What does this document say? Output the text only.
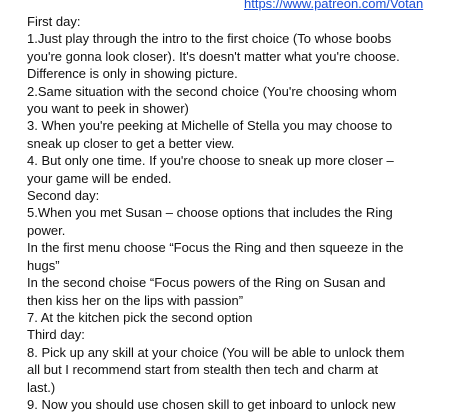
https://www.patreon.com/Votan
First day:
1.Just play through the intro to the first choice (To whose boobs
you're gonna look closer). It's doesn't matter what you're choose.
Difference is only in showing picture.
2.Same situation with the second choice (You're choosing whom
you want to peek in shower)
3. When you're peeking at Michelle of Stella you may choose to
sneak up closer to get a better view.
4. But only one time. If you're choose to sneak up more closer –
your game will be ended.
Second day:
5.When you met Susan – choose options that includes the Ring
power.
In the first menu choose “Focus the Ring and then squeeze in the
hugs”
In the second choise “Focus powers of the Ring on Susan and
then kiss her on the lips with passion”
7. At the kitchen pick the second option
Third day:
8. Pick up any skill at your choice (You will be able to unlock them
all but I recommend start from stealth then tech and charm at
last.)
9. Now you should use chosen skill to get inboard to unlock new
